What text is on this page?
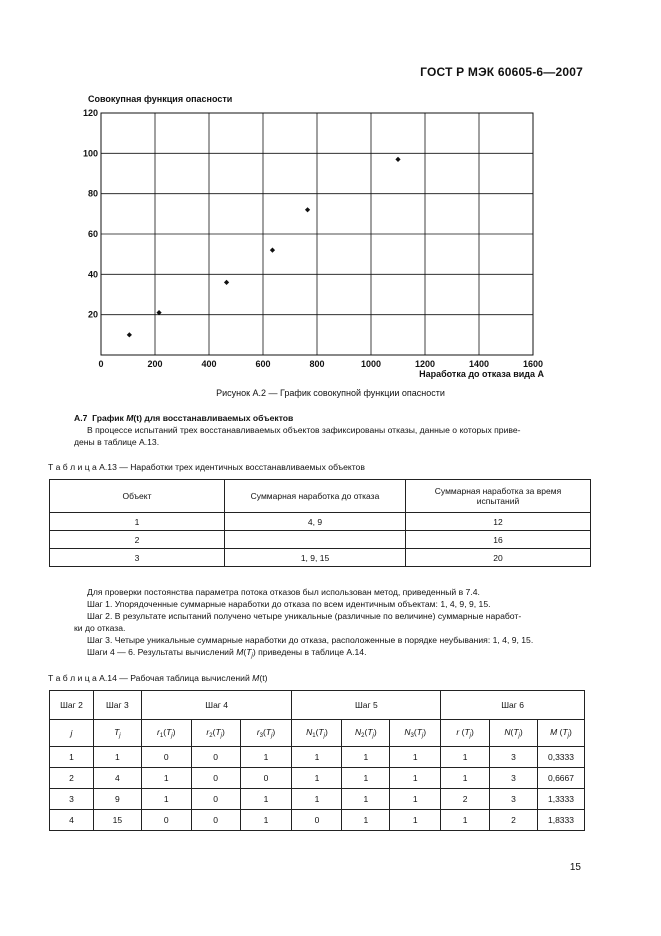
ГОСТ Р МЭК 60605-6—2007
0	200	400	600	800	1000	1200	1400	1600
20
40
60
80
100
120
Совокупная функция опасности
Наработка до отказа вида А
Рисунок А.2 — График совокупной функции опасности
А.7 График M(t) для восстанавливаемых объектов
В процессе испытаний трех восстанавливаемых объектов зафиксированы отказы, данные о которых приве-
дены в таблице А.13.
Т а б л и ц а А.13 — Наработки трех идентичных восстанавливаемых объектов
Объект	Суммарная наработка до отказа	Суммарная наработка за время испытаний
1	4, 9	12
2		16
3	1, 9, 15	20
Для проверки постоянства параметра потока отказов был использован метод, приведенный в 7.4.
Шаг 1. Упорядоченные суммарные наработки до отказа по всем идентичным объектам: 1, 4, 9, 9, 15.
Шаг 2. В результате испытаний получено четыре уникальные (различные по величине) суммарные наработ-
ки до отказа.
Шаг 3. Четыре уникальные суммарные наработки до отказа, расположенные в порядке неубывания: 1, 4, 9, 15.
Шаги 4 — 6. Результаты вычислений $M(T_j)$ приведены в таблице А.14.
Т а б л и ц а А.14 — Рабочая таблица вычислений M(t)
Шаг 2	Шаг 3	Шаг 4			Шаг 5			Шаг 6		
j	$T_j$	$r_1(T_j)$	$r_2(T_j)$	$r_3(T_j)$	$N_1(T_j)$	$N_2(T_j)$	$N_3(T_j)$	r $(T_j)$	$N(T_j)$	M $(T_j)$
1	1	0	0	1	1	1	1	1	3	0,3333
2	4	1	0	0	1	1	1	1	3	0,6667
3	9	1	0	1	1	1	1	2	3	1,3333
4	15	0	0	1	0	1	1	1	2	1,8333
15
